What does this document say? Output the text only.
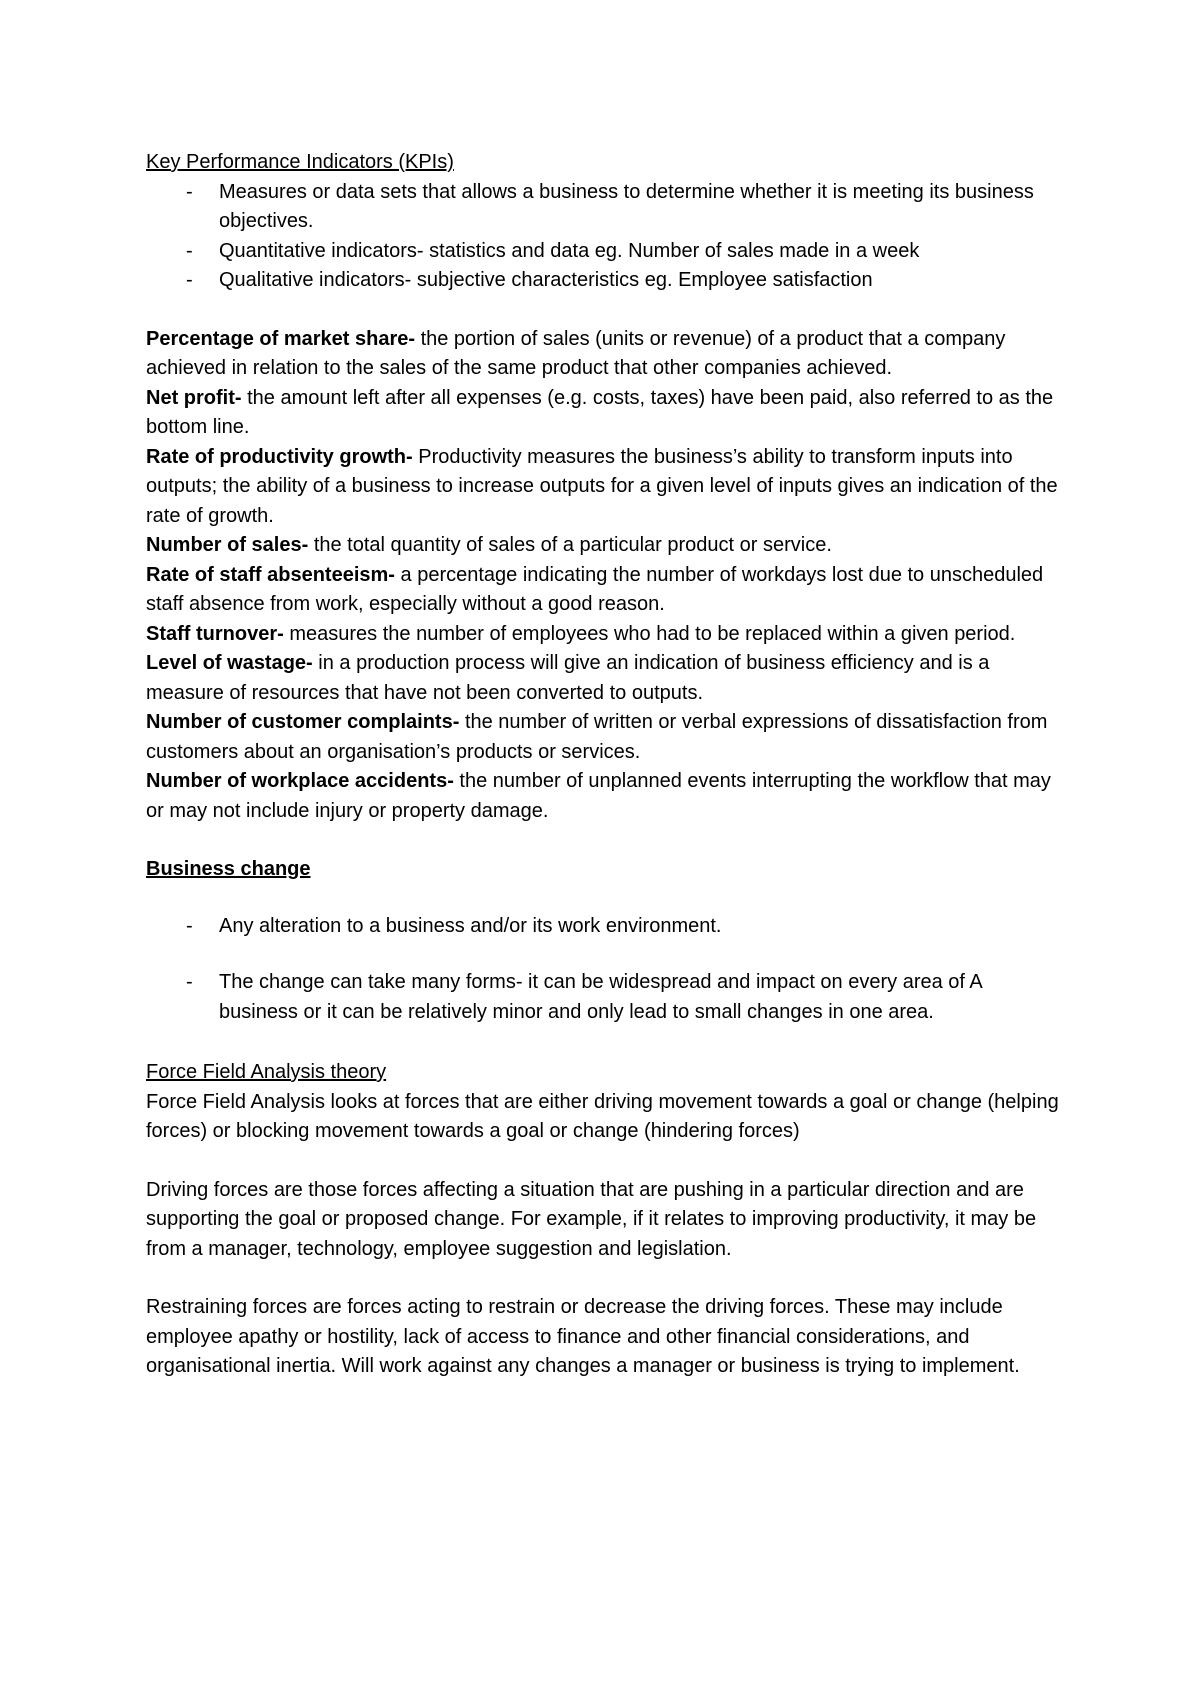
Key Performance Indicators (KPIs)

- Measures or data sets that allows a business to determine whether it is meeting its business objectives.
- Quantitative indicators- statistics and data eg. Number of sales made in a week
- Qualitative indicators- subjective characteristics eg. Employee satisfaction

Percentage of market share- the portion of sales (units or revenue) of a product that a company achieved in relation to the sales of the same product that other companies achieved.

Net profit- the amount left after all expenses (e.g. costs, taxes) have been paid, also referred to as the bottom line.

Rate of productivity growth- Productivity measures the business’s ability to transform inputs into outputs; the ability of a business to increase outputs for a given level of inputs gives an indication of the rate of growth.

Number of sales- the total quantity of sales of a particular product or service.

Rate of staff absenteeism- a percentage indicating the number of workdays lost due to unscheduled staff absence from work, especially without a good reason.

Staff turnover- measures the number of employees who had to be replaced within a given period.

Level of wastage- in a production process will give an indication of business efficiency and is a measure of resources that have not been converted to outputs.

Number of customer complaints- the number of written or verbal expressions of dissatisfaction from customers about an organisation’s products or services.

Number of workplace accidents- the number of unplanned events interrupting the workflow that may or may not include injury or property damage.

Business change

- Any alteration to a business and/or its work environment.
- The change can take many forms- it can be widespread and impact on every area of A business or it can be relatively minor and only lead to small changes in one area.

Force Field Analysis theory

Force Field Analysis looks at forces that are either driving movement towards a goal or change (helping forces) or blocking movement towards a goal or change (hindering forces)

Driving forces are those forces affecting a situation that are pushing in a particular direction and are supporting the goal or proposed change. For example, if it relates to improving productivity, it may be from a manager, technology, employee suggestion and legislation.

Restraining forces are forces acting to restrain or decrease the driving forces. These may include employee apathy or hostility, lack of access to finance and other financial considerations, and organisational inertia. Will work against any changes a manager or business is trying to implement.
